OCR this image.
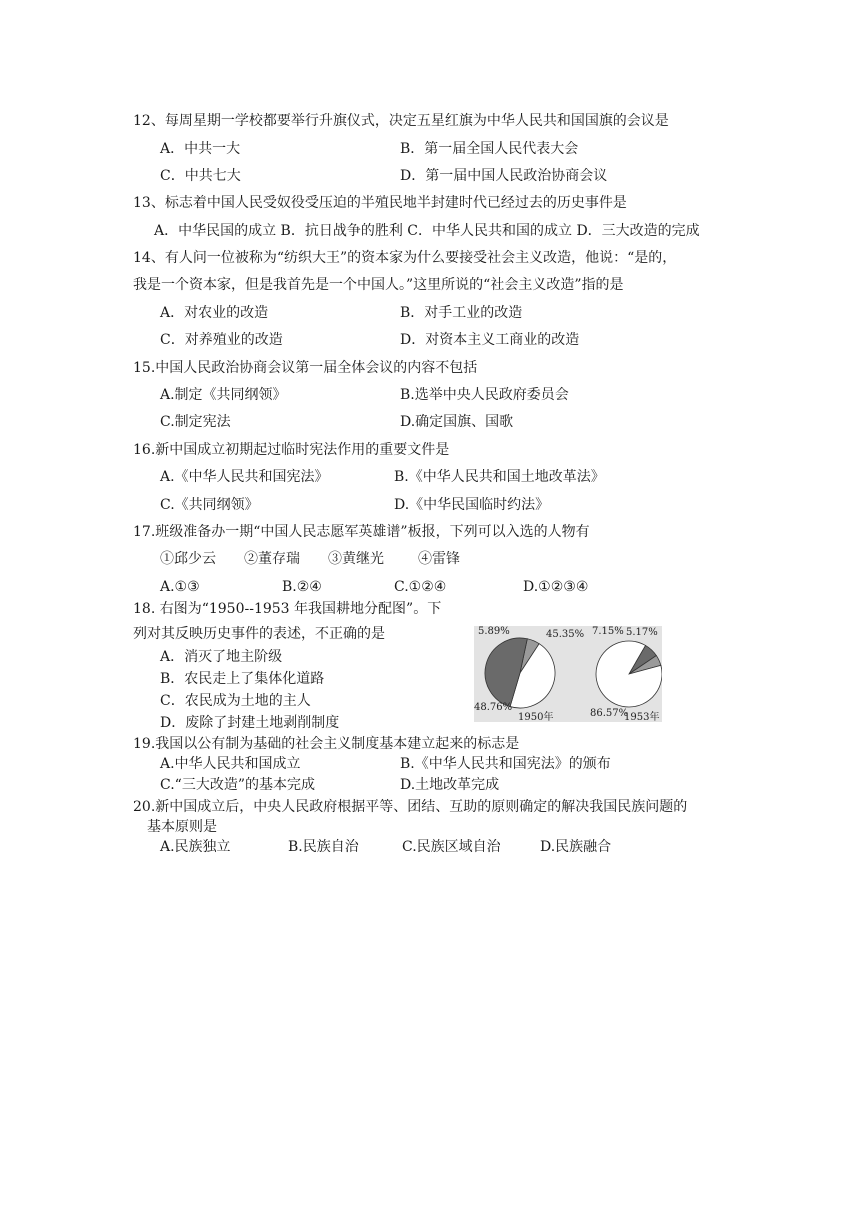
12、每周星期一学校都要举行升旗仪式，决定五星红旗为中华人民共和国国旗的会议是
A．中共一大	B．第一届全国人民代表大会
C．中共七大	D．第一届中国人民政治协商会议
13、标志着中国人民受奴役受压迫的半殖民地半封建时代已经过去的历史事件是
A．中华民国的成立 B．抗日战争的胜利 C．中华人民共和国的成立 D．三大改造的完成
14、有人问一位被称为“纺织大王”的资本家为什么要接受社会主义改造，他说：“是的，
我是一个资本家，但是我首先是一个中国人。”这里所说的“社会主义改造”指的是
A．对农业的改造	B．对手工业的改造
C．对养殖业的改造	D．对资本主义工商业的改造
15.中国人民政治协商会议第一届全体会议的内容不包括
A.制定《共同纲领》	B.选举中央人民政府委员会
C.制定宪法	D.确定国旗、国歌
16.新中国成立初期起过临时宪法作用的重要文件是
A.《中华人民共和国宪法》	B.《中华人民共和国土地改革法》
C.《共同纲领》	D.《中华民国临时约法》
17.班级准备办一期“中国人民志愿军英雄谱”板报，下列可以入选的人物有
①邱少云 ②董存瑞 ③黄继光 ④雷锋
A.①③	B.②④	C.①②④	D.①②③④
18. 右图为“1950--1953 年我国耕地分配图”。下
列对其反映历史事件的表述，不正确的是
A．消灭了地主阶级
B．农民走上了集体化道路
C．农民成为土地的主人
D．废除了封建土地剥削制度
5.89%	45.35%
48.76%
1950年
7.15% 5.17%
86.57%
1953年
19.我国以公有制为基础的社会主义制度基本建立起来的标志是
A.中华人民共和国成立	B.《中华人民共和国宪法》的颁布
C.“三大改造”的基本完成	D.土地改革完成
20.新中国成立后，中央人民政府根据平等、团结、互助的原则确定的解决我国民族问题的
基本原则是
A.民族独立	B.民族自治	C.民族区域自治	D.民族融合
